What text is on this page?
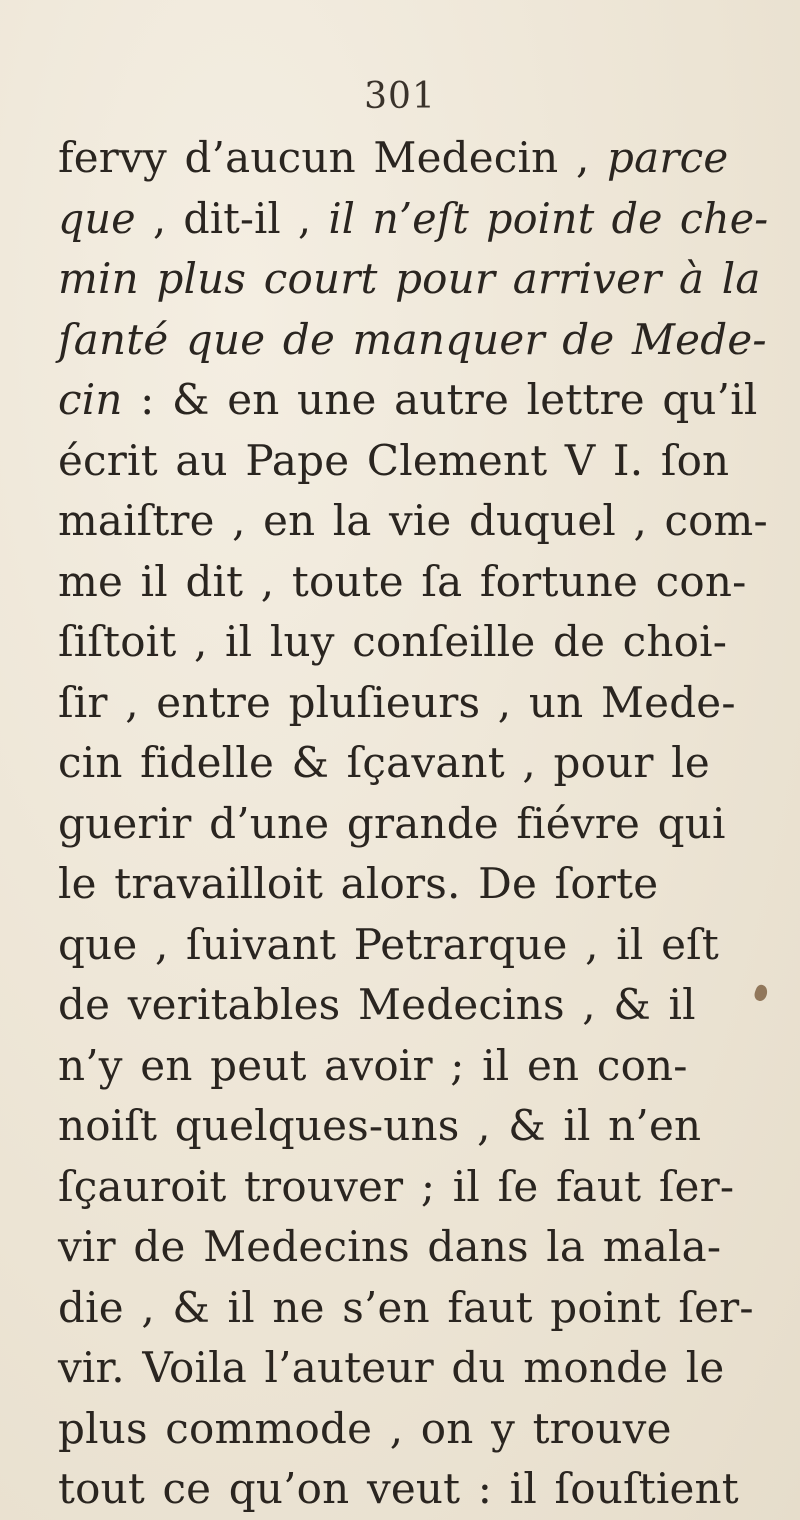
301
fervy d’aucun Medecin , parce
que , dit-il , il n’eſt point de che-
min plus court pour arriver à la
ſanté que de manquer de Mede-
cin : & en une autre lettre qu’il
écrit au Pape Clement V I. ſon
maiſtre , en la vie duquel , com-
me il dit , toute ſa fortune con-
ſiſtoit , il luy conſeille de choi-
ſir , entre pluſieurs , un Mede-
cin fidelle & ſçavant , pour le
guerir d’une grande fiévre qui
le travailloit alors. De ſorte
que , ſuivant Petrarque , il eſt
de veritables Medecins , & il
n’y en peut avoir ; il en con-
noiſt quelques-uns , & il n’en
ſçauroit trouver ; il ſe faut ſer-
vir de Medecins dans la mala-
die , & il ne s’en faut point ſer-
vir. Voila l’auteur du monde le
plus commode , on y trouve
tout ce qu’on veut : il ſouſtient
